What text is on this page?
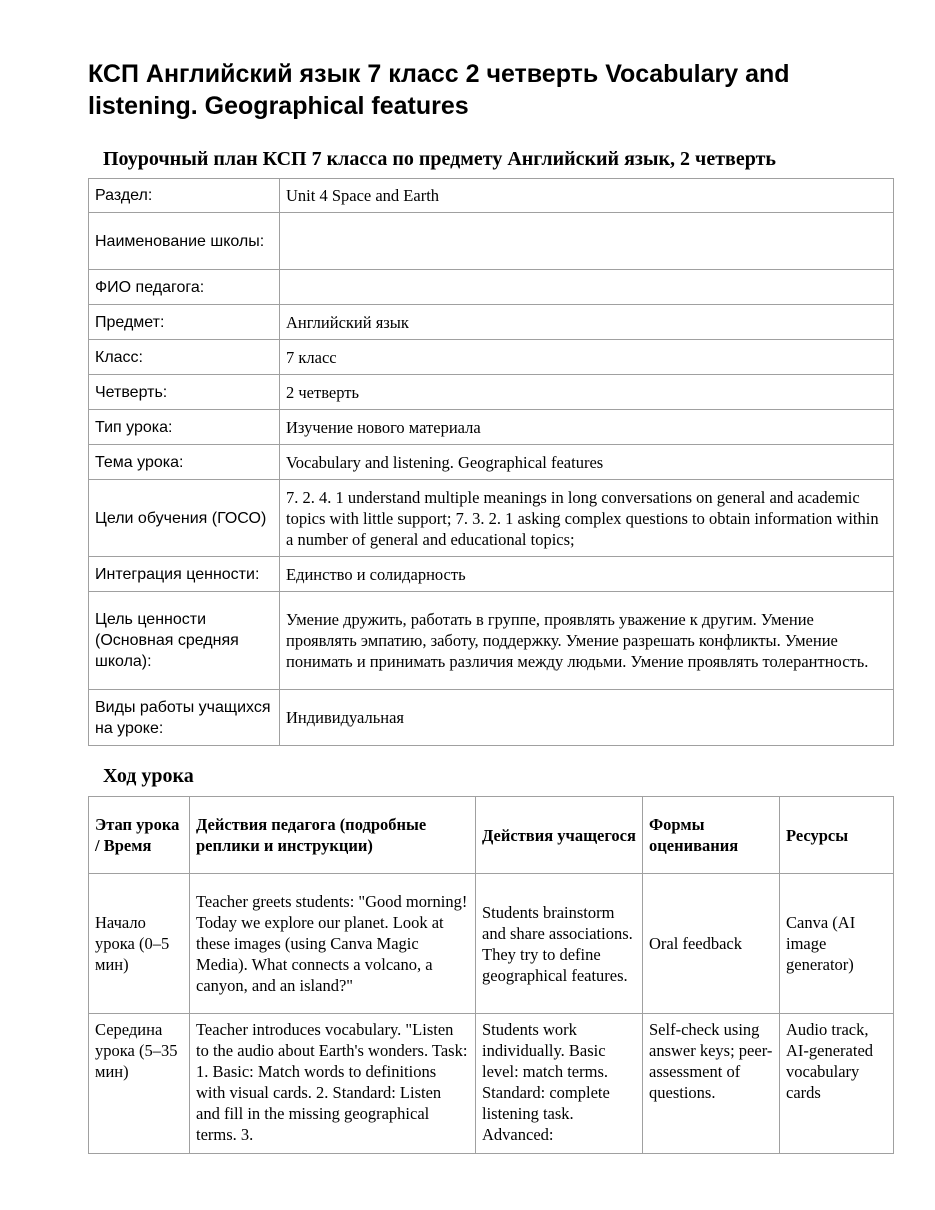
КСП Английский язык 7 класс 2 четверть Vocabulary and listening. Geographical features
Поурочный план КСП 7 класса по предмету Английский язык, 2 четверть
Раздел:	Unit 4 Space and Earth
Наименование школы:	
ФИО педагога:	
Предмет:	Английский язык
Класс:	7 класс
Четверть:	2 четверть
Тип урока:	Изучение нового материала
Тема урока:	Vocabulary and listening. Geographical features
Цели обучения (ГОСО)	7. 2. 4. 1 understand multiple meanings in long conversations on general and academic topics with little support; 7. 3. 2. 1 asking complex questions to obtain information within a number of general and educational topics;
Интеграция ценности:	Единство и солидарность
Цель ценности (Основная средняя школа):	Умение дружить, работать в группе, проявлять уважение к другим. Умение проявлять эмпатию, заботу, поддержку. Умение разрешать конфликты. Умение понимать и принимать различия между людьми. Умение проявлять толерантность.
Виды работы учащихся на уроке:	Индивидуальная
Ход урока
Этап урока / Время	Действия педагога (подробные реплики и инструкции)	Действия учащегося	Формы оценивания	Ресурсы
Начало урока (0–5 мин)	Teacher greets students: "Good morning! Today we explore our planet. Look at these images (using Canva Magic Media). What connects a volcano, a canyon, and an island?"	Students brainstorm and share associations. They try to define geographical features.	Oral feedback	Canva (AI image generator)
Середина урока (5–35 мин)	Teacher introduces vocabulary. "Listen to the audio about Earth's wonders. Task: 1. Basic: Match words to definitions with visual cards. 2. Standard: Listen and fill in the missing geographical terms. 3.	Students work individually. Basic level: match terms. Standard: complete listening task. Advanced:	Self-check using answer keys; peer-assessment of questions.	Audio track, AI-generated vocabulary cards
